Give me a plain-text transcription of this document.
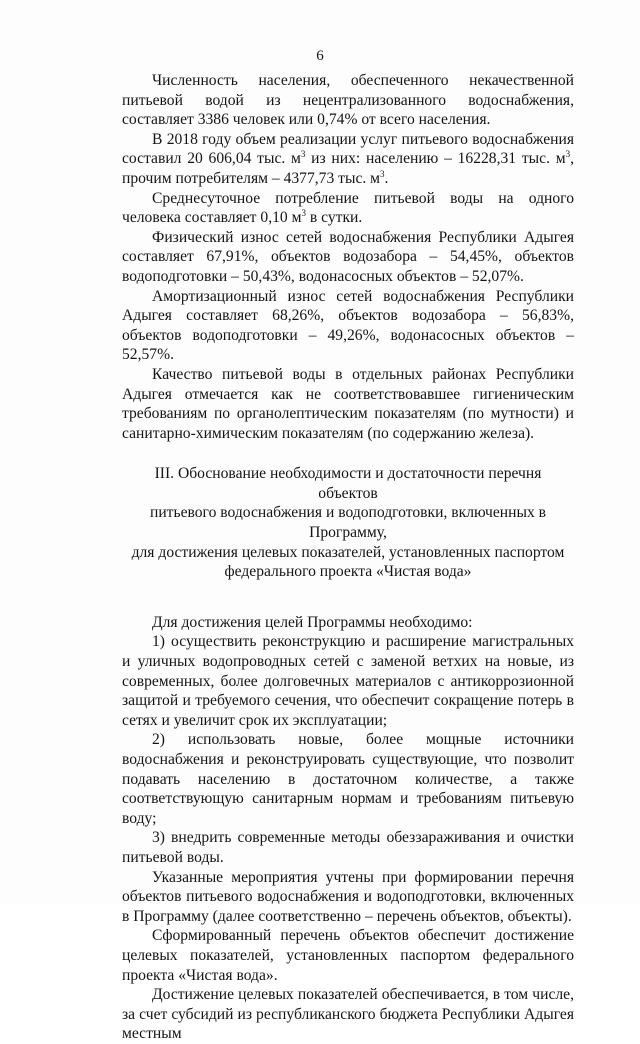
6

Численность населения, обеспеченного некачественной питьевой водой из нецентрализованного водоснабжения, составляет 3386 человек или 0,74% от всего населения.

В 2018 году объем реализации услуг питьевого водоснабжения составил 20 606,04 тыс. $м^3$ из них: населению – 16228,31 тыс. $м^3$, прочим потребителям – 4377,73 тыс. $м^3$.

Среднесуточное потребление питьевой воды на одного человека составляет 0,10 $м^3$ в сутки.

Физический износ сетей водоснабжения Республики Адыгея составляет 67,91%, объектов водозабора – 54,45%, объектов водоподготовки – 50,43%, водонасосных объектов – 52,07%.

Амортизационный износ сетей водоснабжения Республики Адыгея составляет 68,26%, объектов водозабора – 56,83%, объектов водоподготовки – 49,26%, водонасосных объектов – 52,57%.

Качество питьевой воды в отдельных районах Республики Адыгея отмечается как не соответствовавшее гигиеническим требованиям по органолептическим показателям (по мутности) и санитарно-химическим показателям (по содержанию железа).

III. Обоснование необходимости и достаточности перечня объектов
питьевого водоснабжения и водоподготовки, включенных в Программу,
для достижения целевых показателей, установленных паспортом
федерального проекта «Чистая вода»

Для достижения целей Программы необходимо:

1) осуществить реконструкцию и расширение магистральных и уличных водопроводных сетей с заменой ветхих на новые, из современных, более долговечных материалов с антикоррозионной защитой и требуемого сечения, что обеспечит сокращение потерь в сетях и увеличит срок их эксплуатации;

2) использовать новые, более мощные источники водоснабжения и реконструировать существующие, что позволит подавать населению в достаточном количестве, а также соответствующую санитарным нормам и требованиям питьевую воду;

3) внедрить современные методы обеззараживания и очистки питьевой воды.

Указанные мероприятия учтены при формировании перечня объектов питьевого водоснабжения и водоподготовки, включенных в Программу (далее соответственно – перечень объектов, объекты).

Сформированный перечень объектов обеспечит достижение целевых показателей, установленных паспортом федерального проекта «Чистая вода».

Достижение целевых показателей обеспечивается, в том числе, за счет субсидий из республиканского бюджета Республики Адыгея местным
